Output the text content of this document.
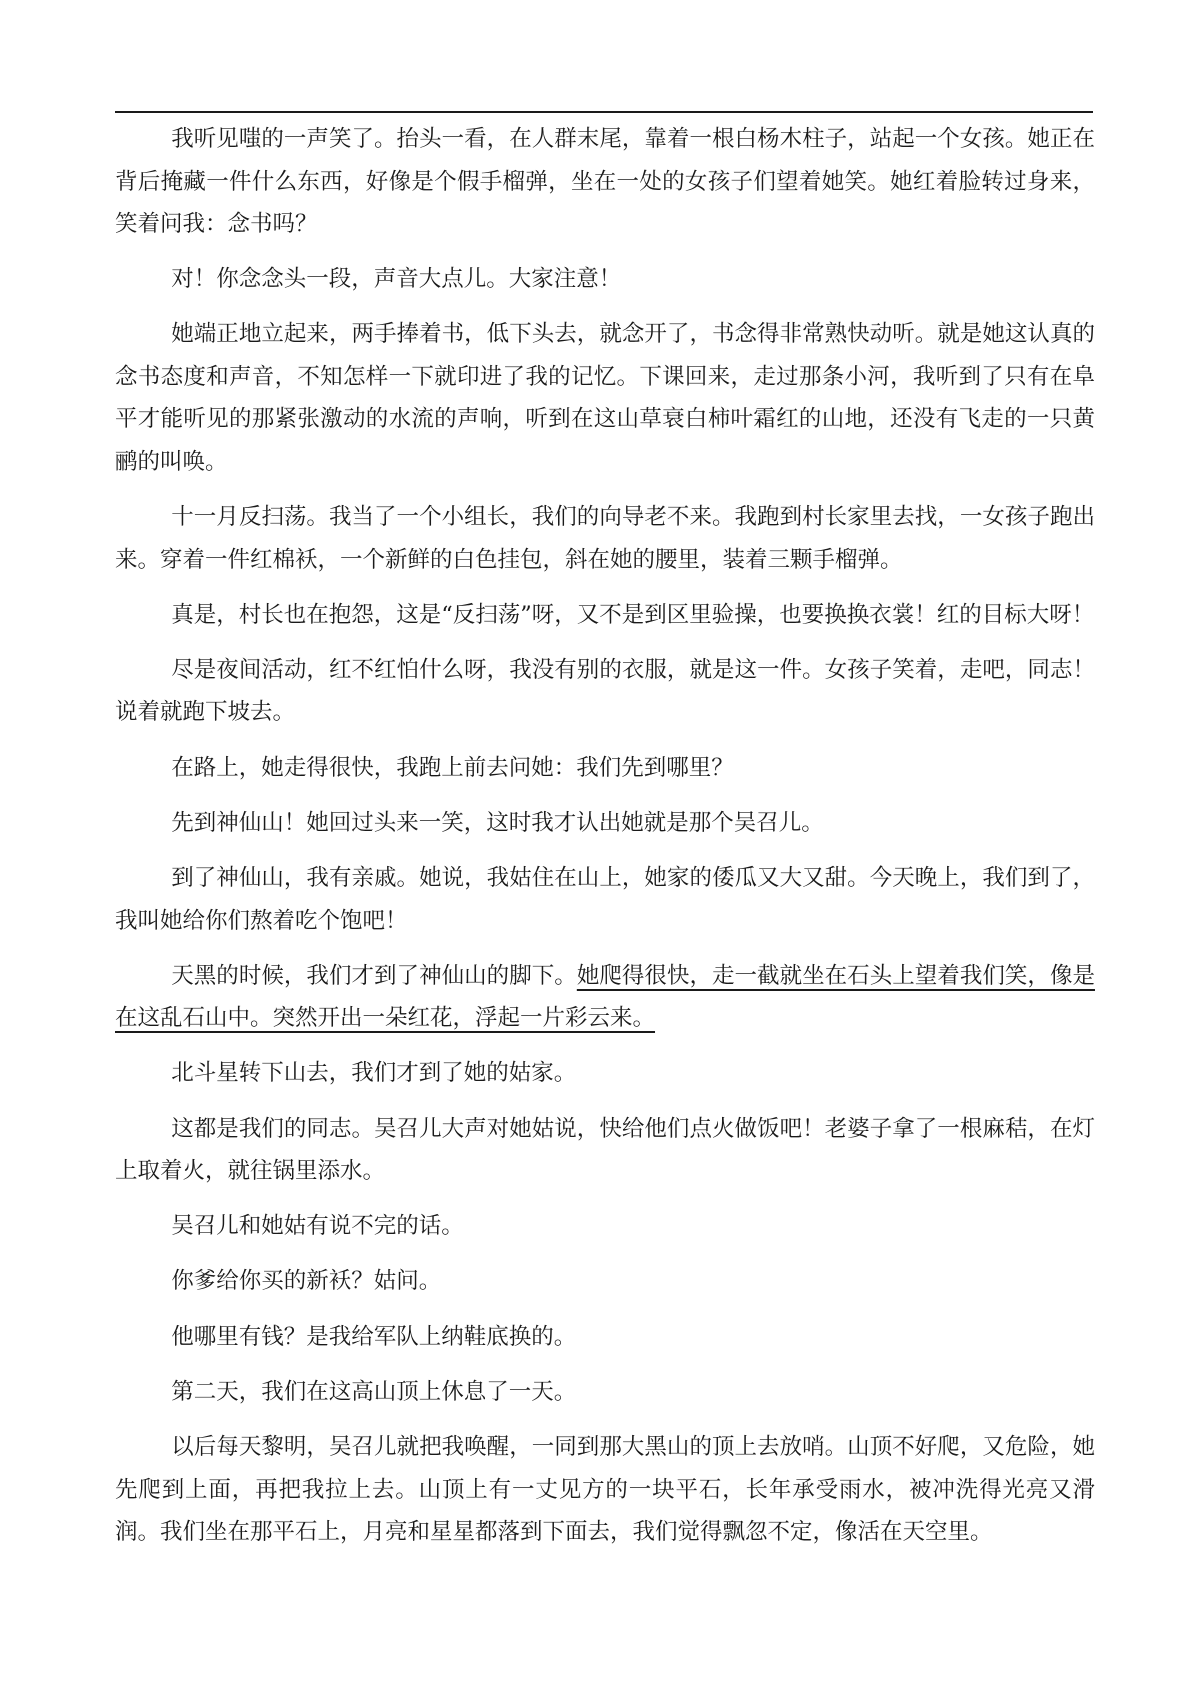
我听见嗤的一声笑了。抬头一看，在人群末尾，靠着一根白杨木柱子，站起一个女孩。她正在背后掩藏一件什么东西，好像是个假手榴弹，坐在一处的女孩子们望着她笑。她红着脸转过身来，笑着问我：念书吗？

对！你念念头一段，声音大点儿。大家注意！

她端正地立起来，两手捧着书，低下头去，就念开了，书念得非常熟快动听。就是她这认真的念书态度和声音，不知怎样一下就印进了我的记忆。下课回来，走过那条小河，我听到了只有在阜平才能听见的那紧张激动的水流的声响，听到在这山草衰白柿叶霜红的山地，还没有飞走的一只黄鹂的叫唤。

十一月反扫荡。我当了一个小组长，我们的向导老不来。我跑到村长家里去找，一女孩子跑出来。穿着一件红棉袄，一个新鲜的白色挂包，斜在她的腰里，装着三颗手榴弹。

真是，村长也在抱怨，这是“反扫荡”呀，又不是到区里验操，也要换换衣裳！红的目标大呀！

尽是夜间活动，红不红怕什么呀，我没有别的衣服，就是这一件。女孩子笑着，走吧，同志！说着就跑下坡去。

在路上，她走得很快，我跑上前去问她：我们先到哪里？

先到神仙山！她回过头来一笑，这时我才认出她就是那个吴召儿。

到了神仙山，我有亲戚。她说，我姑住在山上，她家的倭瓜又大又甜。今天晚上，我们到了，我叫她给你们熬着吃个饱吧！

天黑的时候，我们才到了神仙山的脚下。她爬得很快，走一截就坐在石头上望着我们笑，像是在这乱石山中。突然开出一朵红花，浮起一片彩云来。

北斗星转下山去，我们才到了她的姑家。

这都是我们的同志。吴召儿大声对她姑说，快给他们点火做饭吧！老婆子拿了一根麻秸，在灯上取着火，就往锅里添水。

吴召儿和她姑有说不完的话。

你爹给你买的新袄？姑问。

他哪里有钱？是我给军队上纳鞋底换的。

第二天，我们在这高山顶上休息了一天。

以后每天黎明，吴召儿就把我唤醒，一同到那大黑山的顶上去放哨。山顶不好爬，又危险，她先爬到上面，再把我拉上去。山顶上有一丈见方的一块平石，长年承受雨水，被冲洗得光亮又滑润。我们坐在那平石上，月亮和星星都落到下面去，我们觉得飘忽不定，像活在天空里。
